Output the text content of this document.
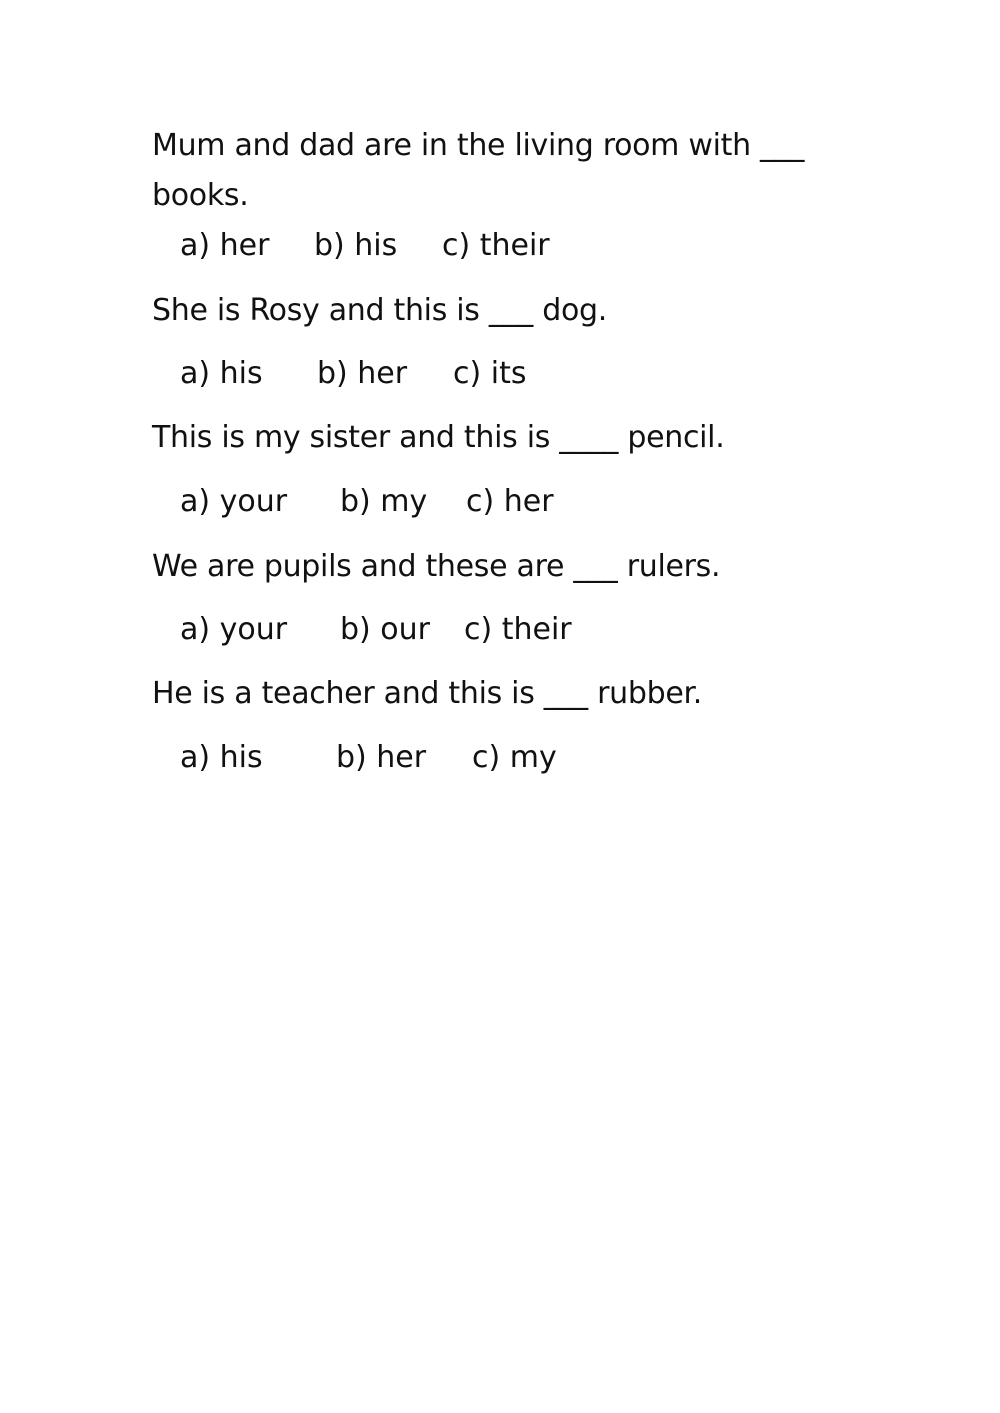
Mum and dad are in the living room with ___
books.
a) her b) his c) their
She is Rosy and this is ___ dog.
a) his b) her c) its
This is my sister and this is ____ pencil.
a) your b) my c) her
We are pupils and these are ___ rulers.
a) your b) our c) their
He is a teacher and this is ___ rubber.
a) his b) her c) my
